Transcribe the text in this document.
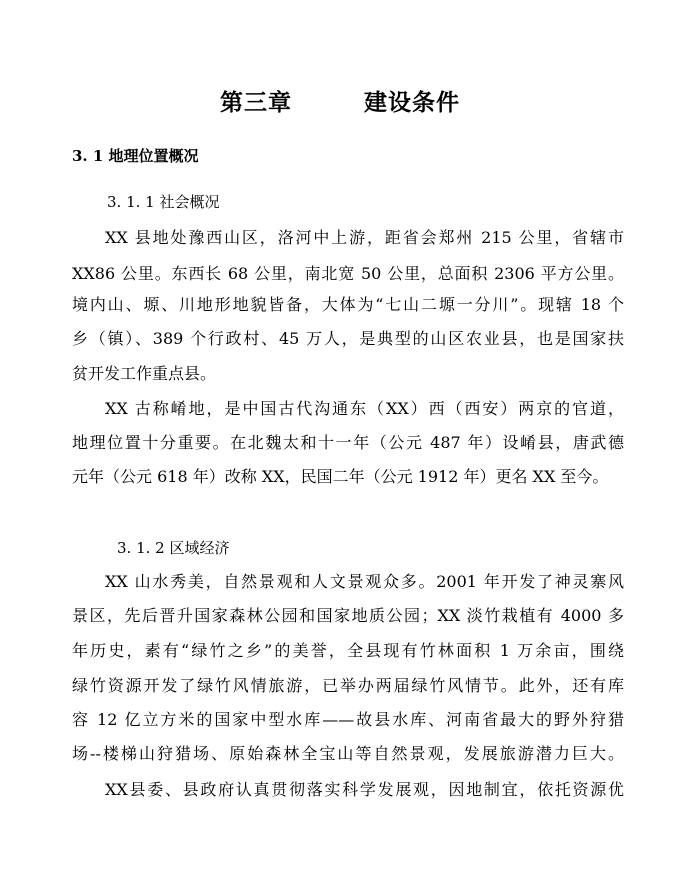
第三章　　　建设条件
3. 1 地理位置概况
3. 1. 1 社会概况
XX 县地处豫西山区，洛河中上游，距省会郑州 215 公里，省辖市
XX86 公里。东西长 68 公里，南北宽 50 公里，总面积 2306 平方公里。
境内山、塬、川地形地貌皆备，大体为“七山二塬一分川”。现辖 18 个
乡（镇）、389 个行政村、45 万人，是典型的山区农业县，也是国家扶
贫开发工作重点县。
XX 古称崤地，是中国古代沟通东（XX）西（西安）两京的官道，
地理位置十分重要。在北魏太和十一年（公元 487 年）设崤县，唐武德
元年（公元 618 年）改称 XX，民国二年（公元 1912 年）更名 XX 至今。
3. 1. 2 区域经济
XX 山水秀美，自然景观和人文景观众多。2001 年开发了神灵寨风
景区，先后晋升国家森林公园和国家地质公园；XX 淡竹栽植有 4000 多
年历史，素有“绿竹之乡”的美誉，全县现有竹林面积 1 万余亩，围绕
绿竹资源开发了绿竹风情旅游，已举办两届绿竹风情节。此外，还有库
容 12 亿立方米的国家中型水库——故县水库、河南省最大的野外狩猎
场--楼梯山狩猎场、原始森林全宝山等自然景观，发展旅游潜力巨大。
XX县委、县政府认真贯彻落实科学发展观，因地制宜，依托资源优
